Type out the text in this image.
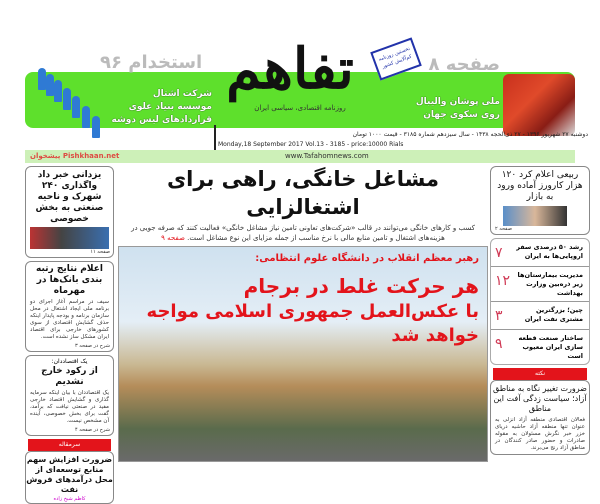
صفحه ۸
ملی پوشان والیبال
روی سکوی جهان
استخدام ۹۶
شرکت اشتال
موسسه بنیاد علوی
قراردادهای لیس دوشه
تفاهم	نخستین روزنامه کم‌آلایش کشور
روزنامه اقتصادی، سیاسی ایران
دوشنبه ۲۷ شهریور ۱۳۹۶ - ۲۷ ذی‌الحجه ۱۴۳۸ - سال سیزدهم شماره ۳۱۸۵ - قیمت ۱۰۰۰ تومان
Monday,18 September 2017 Vol.13 - 3185 - price:10000 Rials
www.Tafahomnews.com
پیشخوان Pishkhaan.net
مشاغل خانگی، راهی برای اشتغالزایی
کسب و کارهای خانگی می‌توانند در قالب «شرکت‌های تعاونی تامین نیاز مشاغل خانگی» فعالیت کنند که صرفه جویی در هزینه‌های اشتغال و تامین منابع مالی با نرخ مناسب از جمله مزایای این نوع مشاغل است. صفحه ۹
رهبر معظم انقلاب در دانشگاه علوم انتظامی:
هر حرکت غلط در برجام
با عکس‌العمل جمهوری اسلامی مواجه خواهد شد
یزدانی خبر داد واگذاری ۲۴۰ شهرک و ناحیه صنعتی به بخش خصوصی
صفحه ۱۱
اعلام نتایج رتبه بندی بانک‌ها در مهرماه
سیف در مراسم آغاز اجرای دو برنامه ملی ایجاد اشتغال در محل سازمان برنامه و بودجه پایدار اینکه حذف گشایش اقتصادی از سوی کشورهای خارجی برای اقتصاد ایران مشکل ساز نشده است.
شرح در صفحه ۳
یک اقتصاددان:
از رکود خارج نشدیم
یک اقتصاددان با بیان اینکه سرمایه گذاری و گشایش اقتصاد خارجی مفید در صنعتی نیافت که برآمد، گفت برای بخش خصوصی، آینده آن مشخص نیست.
شرح در صفحه ۴
سرمقاله
ضرورت افزایش سهم منابع توسعه‌ای از محل درآمدهای فروش نفت
کاظم شیخ زاده
ربیعی اعلام کرد ۱۲۰ هزار کارورز آماده ورود به بازار
صفحه ۲
رشد ۵۰ درصدی سفر اروپایی‌ها به ایران
۷
مدیریت بیمارستان‌ها زیر ذره‌بین وزارت بهداشت
۱۲
چین؛ بزرگترین مشتری نفت ایران
۳
ساختار صنعت قطعه سازی ایران معیوب است
۹
نکته
ضرورت تغییر نگاه به مناطق آزاد؛ سیاست زدگی آفت این مناطق
فعالان اقتصادی منطقه آزاد انزلی به عنوان تنها منطقه آزاد حاشیه دریای خزر خبر نگرش مسئولان به مقوله صادرات و حضور صادر کنندگان در مناطق آزاد رنج می‌برند.
